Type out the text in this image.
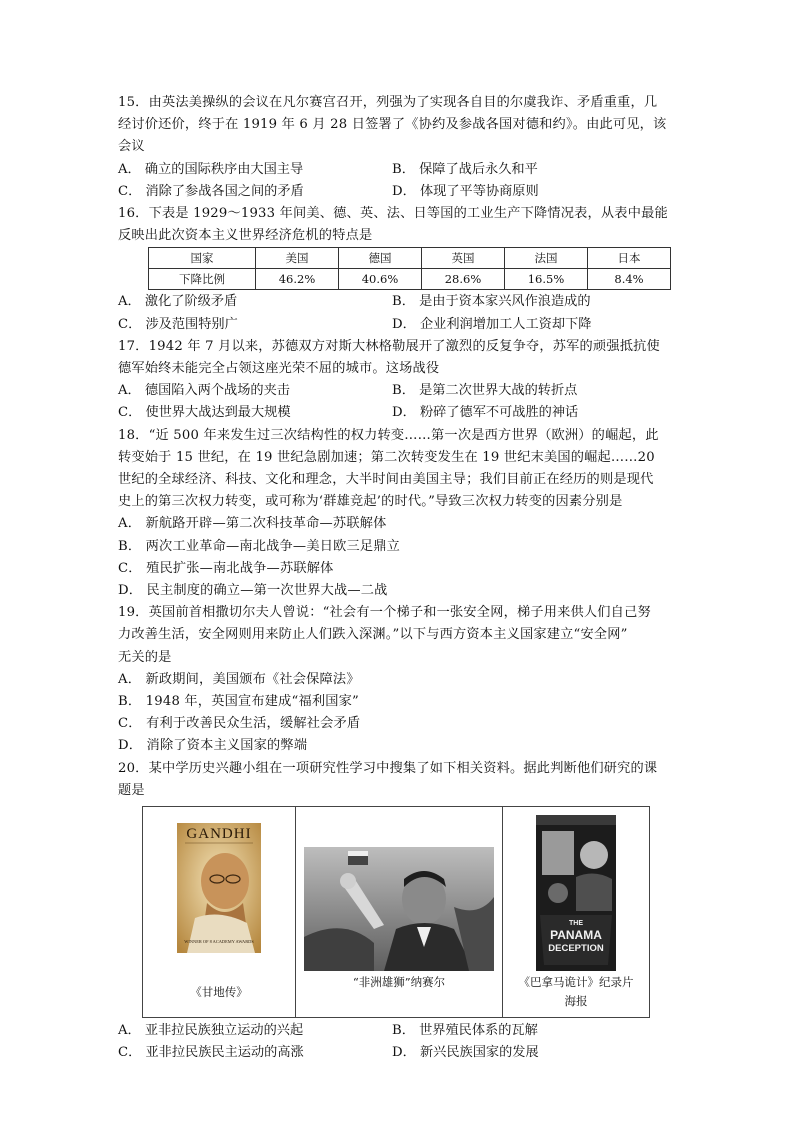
15．由英法美操纵的会议在凡尔赛宫召开，列强为了实现各自目的尔虞我诈、矛盾重重，几
经讨价还价，终于在 1919 年 6 月 28 日签署了《协约及参战各国对德和约》。由此可见，该
会议
A． 确立的国际秩序由大国主导	B． 保障了战后永久和平
C． 消除了参战各国之间的矛盾	D． 体现了平等协商原则
16．下表是 1929～1933 年间美、德、英、法、日等国的工业生产下降情况表，从表中最能
反映出此次资本主义世界经济危机的特点是
国家	美国	德国	英国	法国	日本
下降比例	46.2%	40.6%	28.6%	16.5%	8.4%
A． 激化了阶级矛盾	B． 是由于资本家兴风作浪造成的
C． 涉及范围特别广	D． 企业利润增加工人工资却下降
17．1942 年 7 月以来，苏德双方对斯大林格勒展开了激烈的反复争夺，苏军的顽强抵抗使
德军始终未能完全占领这座光荣不屈的城市。这场战役
A． 德国陷入两个战场的夹击	B． 是第二次世界大战的转折点
C． 使世界大战达到最大规模	D． 粉碎了德军不可战胜的神话
18．“近 500 年来发生过三次结构性的权力转变……第一次是西方世界（欧洲）的崛起，此
转变始于 15 世纪，在 19 世纪急剧加速；第二次转变发生在 19 世纪末美国的崛起……20
世纪的全球经济、科技、文化和理念，大半时间由美国主导；我们目前正在经历的则是现代
史上的第三次权力转变，或可称为‘群雄竞起’的时代。”导致三次权力转变的因素分别是
A． 新航路开辟—第二次科技革命—苏联解体
B． 两次工业革命—南北战争—美日欧三足鼎立
C． 殖民扩张—南北战争—苏联解体
D． 民主制度的确立—第一次世界大战—二战
19．英国前首相撒切尔夫人曾说：“社会有一个梯子和一张安全网，梯子用来供人们自己努
力改善生活，安全网则用来防止人们跌入深渊。”以下与西方资本主义国家建立“安全网”
无关的是
A． 新政期间，美国颁布《社会保障法》
B． 1948 年，英国宣布建成“福利国家”
C． 有利于改善民众生活，缓解社会矛盾
D． 消除了资本主义国家的弊端
20．某中学历史兴趣小组在一项研究性学习中搜集了如下相关资料。据此判断他们研究的课
题是
GANDHI
WINNER OF 8 ACADEMY AWARDS
《甘地传》
“非洲雄狮”纳赛尔
THE
PANAMA
DECEPTION
《巴拿马诡计》纪录片
海报
A． 亚非拉民族独立运动的兴起	B． 世界殖民体系的瓦解
C． 亚非拉民族民主运动的高涨	D． 新兴民族国家的发展
